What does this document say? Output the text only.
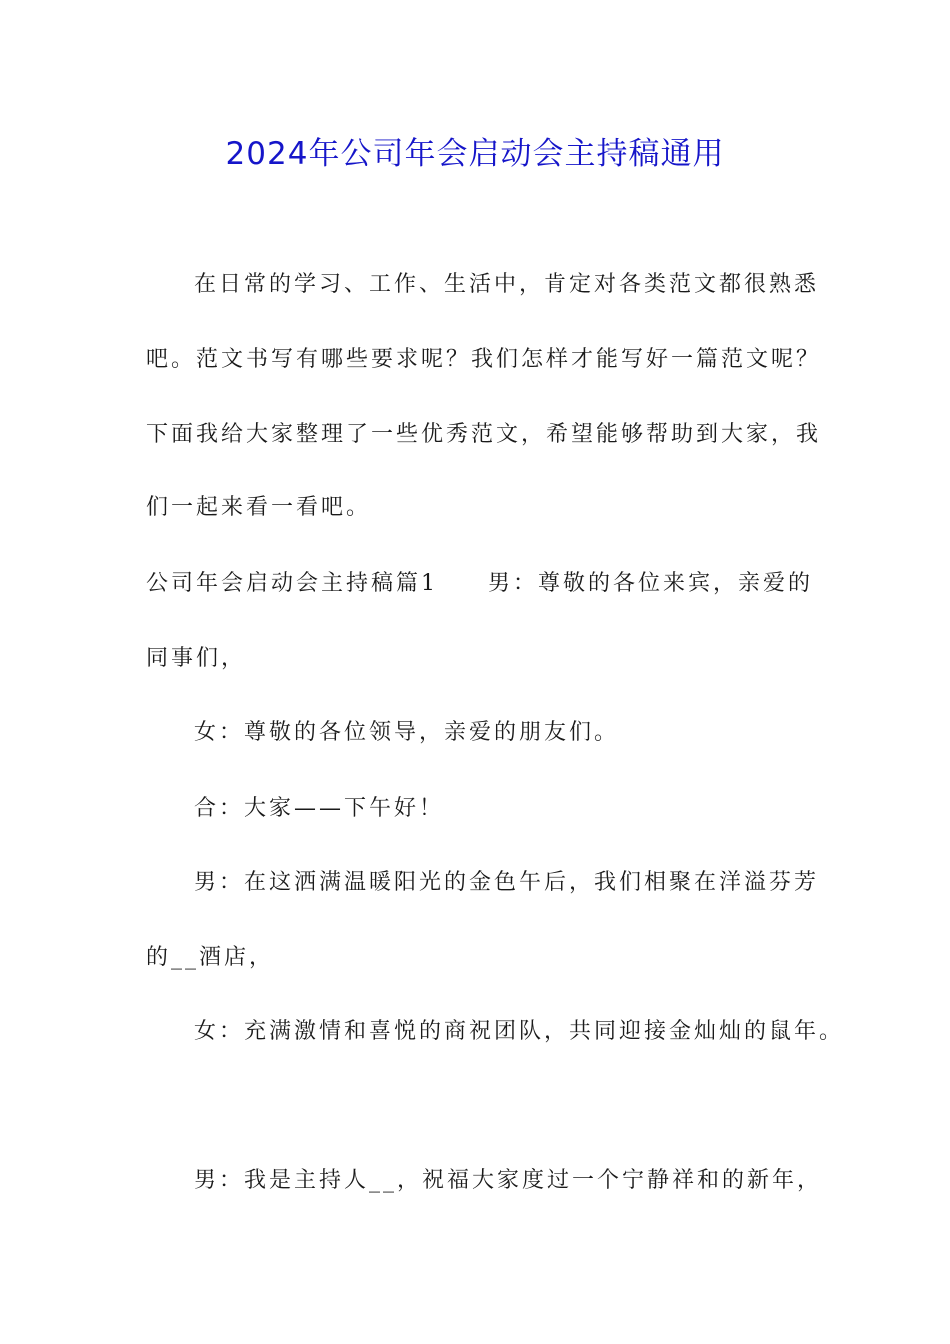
2024年公司年会启动会主持稿通用
在日常的学习、工作、生活中，肯定对各类范文都很熟悉
吧。范文书写有哪些要求呢？我们怎样才能写好一篇范文呢？
下面我给大家整理了一些优秀范文，希望能够帮助到大家，我
们一起来看一看吧。
公司年会启动会主持稿篇1 男：尊敬的各位来宾，亲爱的
同事们，
女：尊敬的各位领导，亲爱的朋友们。
合：大家——下午好！
男：在这洒满温暖阳光的金色午后，我们相聚在洋溢芬芳
的__酒店，
女：充满激情和喜悦的商祝团队，共同迎接金灿灿的鼠年。
男：我是主持人__，祝福大家度过一个宁静祥和的新年，
